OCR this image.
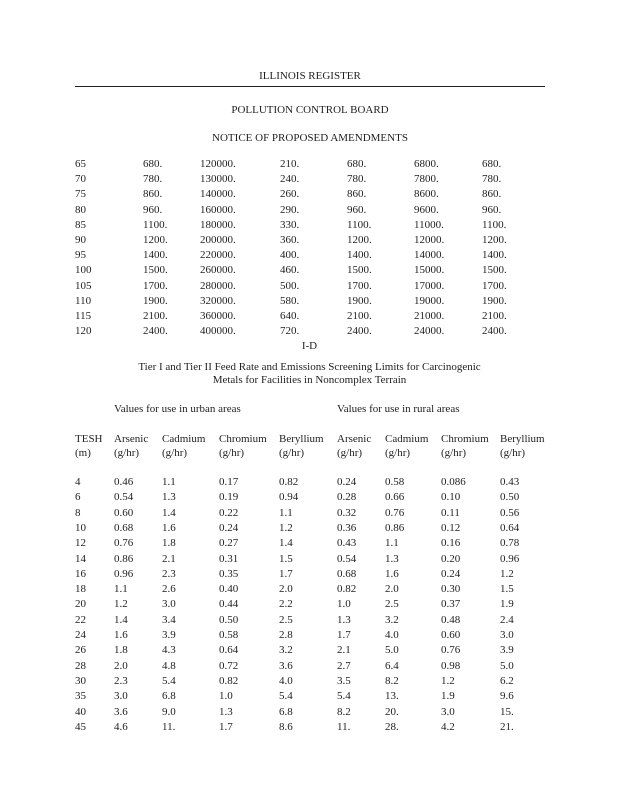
ILLINOIS REGISTER
POLLUTION CONTROL BOARD
NOTICE OF PROPOSED AMENDMENTS
65	680.	120000.	210.	680.	6800.	680.
70	780.	130000.	240.	780.	7800.	780.
75	860.	140000.	260.	860.	8600.	860.
80	960.	160000.	290.	960.	9600.	960.
85	1100.	180000.	330.	1100.	11000.	1100.
90	1200.	200000.	360.	1200.	12000.	1200.
95	1400.	220000.	400.	1400.	14000.	1400.
100	1500.	260000.	460.	1500.	15000.	1500.
105	1700.	280000.	500.	1700.	17000.	1700.
110	1900.	320000.	580.	1900.	19000.	1900.
115	2100.	360000.	640.	2100.	21000.	2100.
120	2400.	400000.	720.	2400.	24000.	2400.
I-D
Tier I and Tier II Feed Rate and Emissions Screening Limits for Carcinogenic
Metals for Facilities in Noncomplex Terrain
Values for use in urban areas	Values for use in rural areas
TESH Arsenic Cadmium Chromium Beryllium Arsenic Cadmium Chromium Beryllium
(m) (g/hr) (g/hr)	(g/hr)	(g/hr)	(g/hr) (g/hr)	(g/hr)	(g/hr)
4	0.46	1.1	0.17	0.82	0.24	0.58	0.086	0.43
6	0.54	1.3	0.19	0.94	0.28	0.66	0.10	0.50
8	0.60	1.4	0.22	1.1	0.32	0.76	0.11	0.56
10	0.68	1.6	0.24	1.2	0.36	0.86	0.12	0.64
12	0.76	1.8	0.27	1.4	0.43	1.1	0.16	0.78
14	0.86	2.1	0.31	1.5	0.54	1.3	0.20	0.96
16	0.96	2.3	0.35	1.7	0.68	1.6	0.24	1.2
18	1.1	2.6	0.40	2.0	0.82	2.0	0.30	1.5
20	1.2	3.0	0.44	2.2	1.0	2.5	0.37	1.9
22	1.4	3.4	0.50	2.5	1.3	3.2	0.48	2.4
24	1.6	3.9	0.58	2.8	1.7	4.0	0.60	3.0
26	1.8	4.3	0.64	3.2	2.1	5.0	0.76	3.9
28	2.0	4.8	0.72	3.6	2.7	6.4	0.98	5.0
30	2.3	5.4	0.82	4.0	3.5	8.2	1.2	6.2
35	3.0	6.8	1.0	5.4	5.4	13.	1.9	9.6
40	3.6	9.0	1.3	6.8	8.2	20.	3.0	15.
45	4.6	11.	1.7	8.6	11.	28.	4.2	21.
